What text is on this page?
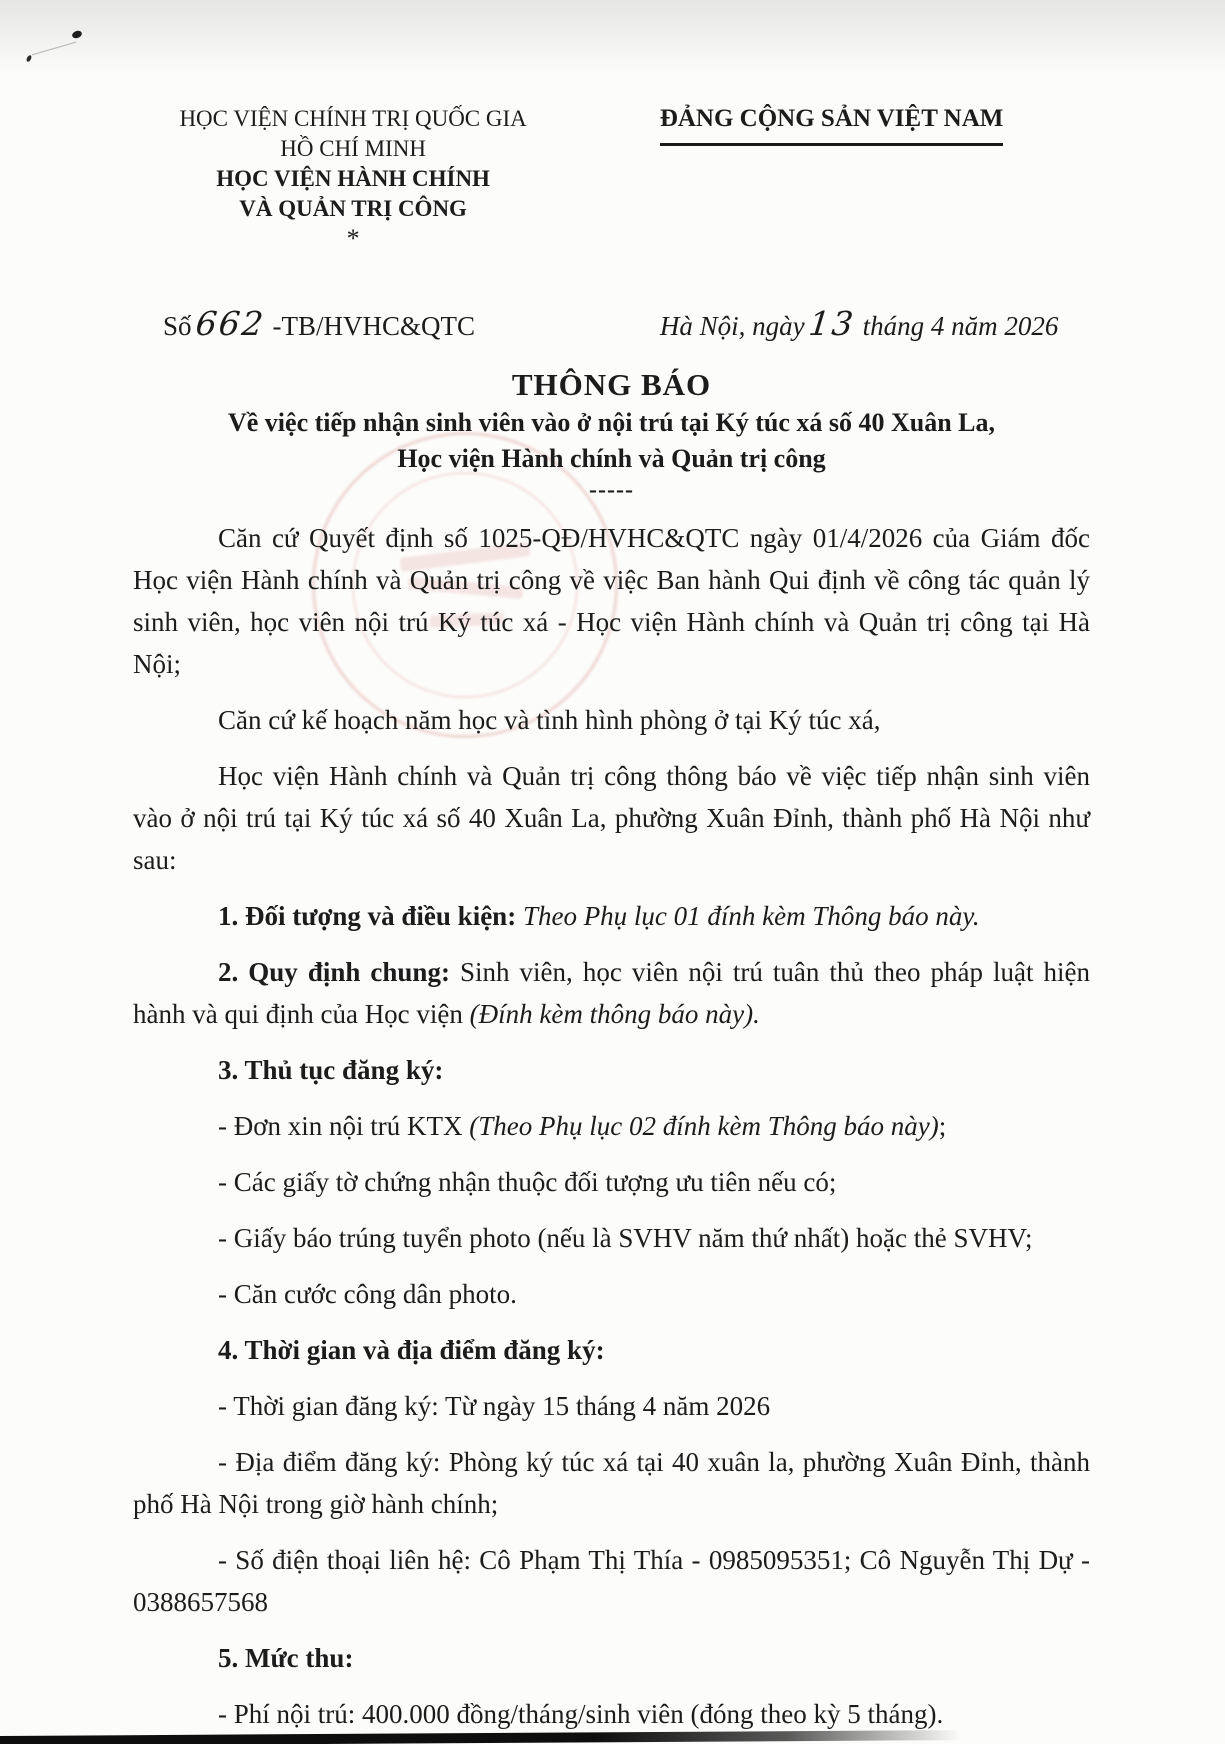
HỌC VIỆN CHÍNH TRỊ QUỐC GIA
HỒ CHÍ MINH
HỌC VIỆN HÀNH CHÍNH
VÀ QUẢN TRỊ CÔNG
*
ĐẢNG CỘNG SẢN VIỆT NAM
Số662 -TB/HVHC&QTC	Hà Nội, ngày13 tháng 4 năm 2026
THÔNG BÁO
Về việc tiếp nhận sinh viên vào ở nội trú tại Ký túc xá số 40 Xuân La,
Học viện Hành chính và Quản trị công
-----

Căn cứ Quyết định số 1025-QĐ/HVHC&QTC ngày 01/4/2026 của Giám đốc Học viện Hành chính và Quản trị công về việc Ban hành Qui định về công tác quản lý sinh viên, học viên nội trú Ký túc xá - Học viện Hành chính và Quản trị công tại Hà Nội;

Căn cứ kế hoạch năm học và tình hình phòng ở tại Ký túc xá,

Học viện Hành chính và Quản trị công thông báo về việc tiếp nhận sinh viên vào ở nội trú tại Ký túc xá số 40 Xuân La, phường Xuân Đỉnh, thành phố Hà Nội như sau:

1. Đối tượng và điều kiện: Theo Phụ lục 01 đính kèm Thông báo này.

2. Quy định chung: Sinh viên, học viên nội trú tuân thủ theo pháp luật hiện hành và qui định của Học viện (Đính kèm thông báo này).

3. Thủ tục đăng ký:

- Đơn xin nội trú KTX (Theo Phụ lục 02 đính kèm Thông báo này);

- Các giấy tờ chứng nhận thuộc đối tượng ưu tiên nếu có;

- Giấy báo trúng tuyển photo (nếu là SVHV năm thứ nhất) hoặc thẻ SVHV;

- Căn cước công dân photo.

4. Thời gian và địa điểm đăng ký:

- Thời gian đăng ký: Từ ngày 15 tháng 4 năm 2026

- Địa điểm đăng ký: Phòng ký túc xá tại 40 xuân la, phường Xuân Đỉnh, thành phố Hà Nội trong giờ hành chính;

- Số điện thoại liên hệ: Cô Phạm Thị Thía - 0985095351; Cô Nguyễn Thị Dự - 0388657568

5. Mức thu:

- Phí nội trú: 400.000 đồng/tháng/sinh viên (đóng theo kỳ 5 tháng).
